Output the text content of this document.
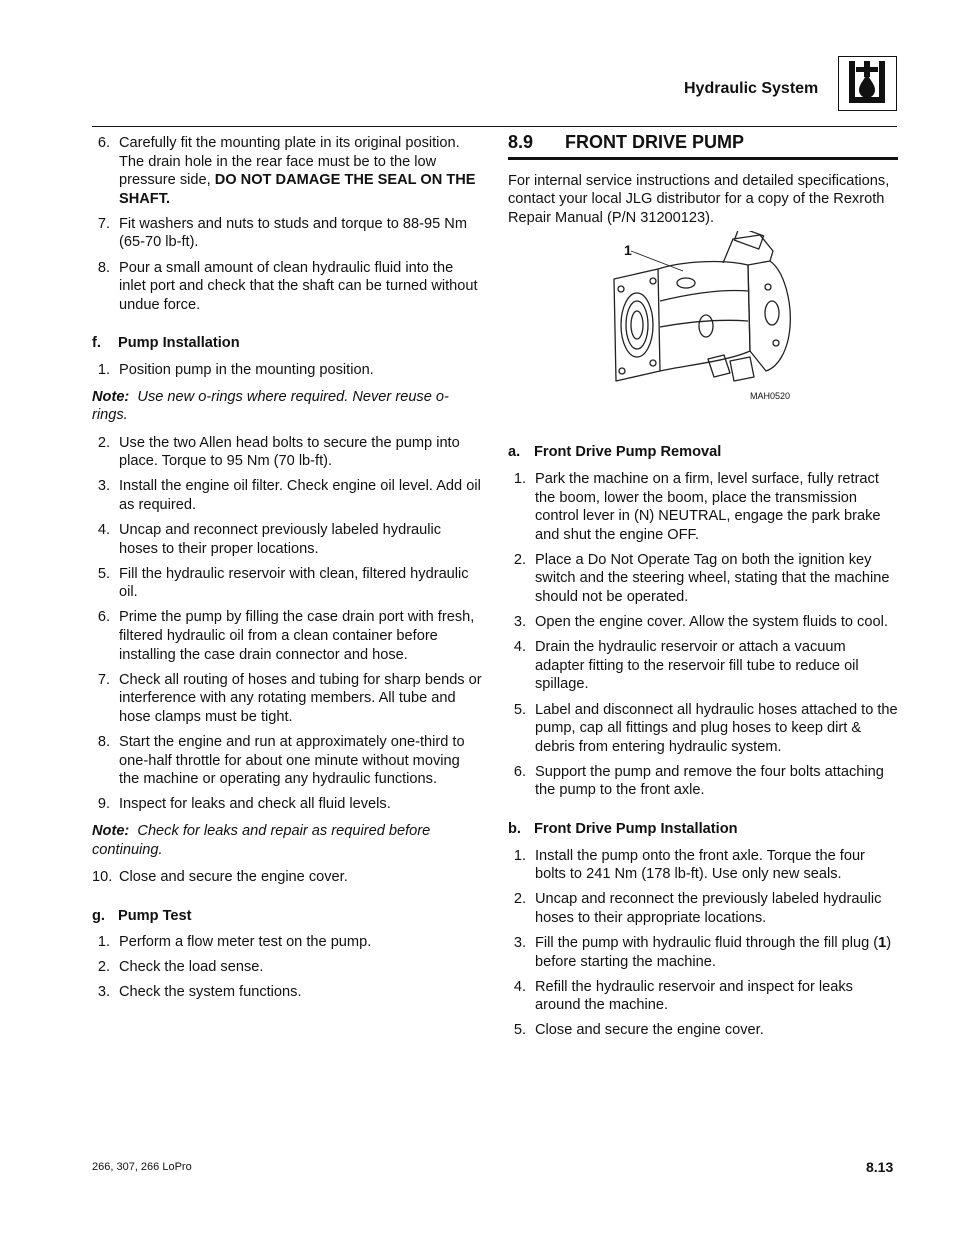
Hydraulic System
6. Carefully fit the mounting plate in its original position. The drain hole in the rear face must be to the low pressure side, DO NOT DAMAGE THE SEAL ON THE SHAFT.
7. Fit washers and nuts to studs and torque to 88-95 Nm (65-70 lb-ft).
8. Pour a small amount of clean hydraulic fluid into the inlet port and check that the shaft can be turned without undue force.
f.	Pump Installation
1. Position pump in the mounting position.
Note: Use new o-rings where required. Never reuse o-rings.
2. Use the two Allen head bolts to secure the pump into place. Torque to 95 Nm (70 lb-ft).
3. Install the engine oil filter. Check engine oil level. Add oil as required.
4. Uncap and reconnect previously labeled hydraulic hoses to their proper locations.
5. Fill the hydraulic reservoir with clean, filtered hydraulic oil.
6. Prime the pump by filling the case drain port with fresh, filtered hydraulic oil from a clean container before installing the case drain connector and hose.
7. Check all routing of hoses and tubing for sharp bends or interference with any rotating members. All tube and hose clamps must be tight.
8. Start the engine and run at approximately one-third to one-half throttle for about one minute without moving the machine or operating any hydraulic functions.
9. Inspect for leaks and check all fluid levels.
Note: Check for leaks and repair as required before continuing.
10. Close and secure the engine cover.
g. Pump Test
1. Perform a flow meter test on the pump.
2. Check the load sense.
3. Check the system functions.
8.9	FRONT DRIVE PUMP
For internal service instructions and detailed specifications, contact your local JLG distributor for a copy of the Rexroth Repair Manual (P/N 31200123).
1
MAH0520
a. Front Drive Pump Removal
1. Park the machine on a firm, level surface, fully retract the boom, lower the boom, place the transmission control lever in (N) NEUTRAL, engage the park brake and shut the engine OFF.
2. Place a Do Not Operate Tag on both the ignition key switch and the steering wheel, stating that the machine should not be operated.
3. Open the engine cover. Allow the system fluids to cool.
4. Drain the hydraulic reservoir or attach a vacuum adapter fitting to the reservoir fill tube to reduce oil spillage.
5. Label and disconnect all hydraulic hoses attached to the pump, cap all fittings and plug hoses to keep dirt & debris from entering hydraulic system.
6. Support the pump and remove the four bolts attaching the pump to the front axle.
b. Front Drive Pump Installation
1. Install the pump onto the front axle. Torque the four bolts to 241 Nm (178 lb-ft). Use only new seals.
2. Uncap and reconnect the previously labeled hydraulic hoses to their appropriate locations.
3. Fill the pump with hydraulic fluid through the fill plug (1) before starting the machine.
4. Refill the hydraulic reservoir and inspect for leaks around the machine.
5. Close and secure the engine cover.
266, 307, 266 LoPro	8.13
